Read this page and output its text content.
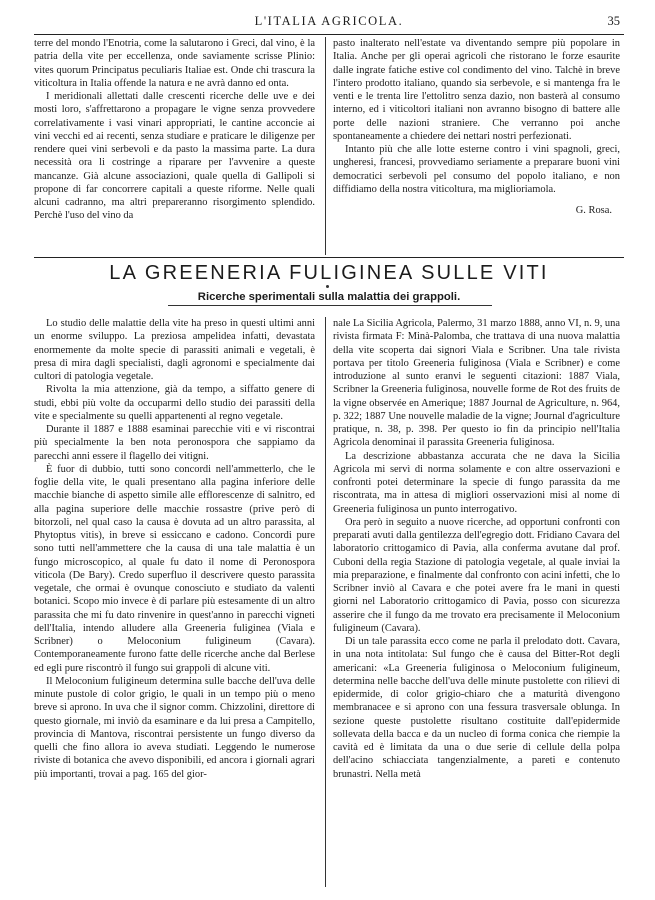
L'ITALIA AGRICOLA.	35

terre del mondo l'Enotria, come la salutarono i Greci, dal vino, è la patria della vite per eccellenza, onde saviamente scrisse Plinio: vites quorum Principatus peculiaris Italiae est. Onde chi trascura la viticoltura in Italia offende la natura e ne avrà danno ed onta.

I meridionali allettati dalle crescenti ricerche delle uve e dei mosti loro, s'affrettarono a propagare le vigne senza provvedere correlativamente i vasi vinari appropriati, le cantine acconcie ai vini vecchi ed ai recenti, senza studiare e praticare le diligenze per rendere quei vini serbevoli e da pasto la massima parte. La dura necessità ora li costringe a riparare per l'avvenire a queste mancanze. Già alcune associazioni, quale quella di Gallipoli si propone di far concorrere capitali a queste riforme. Nelle quali alcuni cadranno, ma altri prepareranno risorgimento splendido. Perchè l'uso del vino da

pasto inalterato nell'estate va diventando sempre più popolare in Italia. Anche per gli operai agricoli che ristorano le forze esaurite dalle ingrate fatiche estive col condimento del vino. Talchè in breve l'intero prodotto italiano, quando sia serbevole, e si mantenga fra le venti e le trenta lire l'ettolitro senza dazio, non basterà al consumo interno, ed i viticoltori italiani non avranno bisogno di battere alle porte delle nazioni straniere. Che verranno poi anche spontaneamente a chiedere dei nettari nostri perfezionati.

Intanto più che alle lotte esterne contro i vini spagnoli, greci, ungheresi, francesi, provvediamo seriamente a preparare buoni vini democratici serbevoli pel consumo del popolo italiano, e non diffidiamo della nostra viticoltura, ma miglioriamola.

G. Rosa.

LA GREENERIA FULIGINEA SULLE VITI
Ricerche sperimentali sulla malattia dei grappoli.

Lo studio delle malattie della vite ha preso in questi ultimi anni un enorme sviluppo. La preziosa ampelidea infatti, devastata enormemente da molte specie di parassiti animali e vegetali, è presa di mira dagli specialisti, dagli agronomi e specialmente dai cultori di patologia vegetale.

Rivolta la mia attenzione, già da tempo, a siffatto genere di studi, ebbi più volte da occuparmi dello studio dei parassiti della vite e specialmente su quelli appartenenti al regno vegetale.

Durante il 1887 e 1888 esaminai parecchie viti e vi riscontrai più specialmente la ben nota peronospora che sappiamo da parecchi anni essere il flagello dei vitigni.

È fuor di dubbio, tutti sono concordi nell'ammetterlo, che le foglie della vite, le quali presentano alla pagina inferiore delle macchie bianche di aspetto simile alle efflorescenze di salnitro, ed alla pagina superiore delle macchie rossastre (prive però di bitorzoli, nel qual caso la causa è dovuta ad un altro parassita, al Phytoptus vitis), in breve si essiccano e cadono. Concordi pure sono tutti nell'ammettere che la causa di una tale malattia è un fungo microscopico, al quale fu dato il nome di Peronospora viticola (De Bary). Credo superfluo il descrivere questo parassita vegetale, che ormai è ovunque conosciuto e studiato da valenti botanici. Scopo mio invece è di parlare più estesamente di un altro parassita che mi fu dato rinvenire in quest'anno in parecchi vigneti dell'Italia, intendo alludere alla Greeneria fuliginea (Viala e Scribner) o Meloconium fuligineum (Cavara). Contemporaneamente furono fatte delle ricerche anche dal Berlese ed egli pure riscontrò il fungo sui grappoli di alcune viti.

Il Meloconium fuligineum determina sulle bacche dell'uva delle minute pustole di color grigio, le quali in un tempo più o meno breve si aprono. In uva che il signor comm. Chizzolini, direttore di questo giornale, mi inviò da esaminare e da lui presa a Campitello, provincia di Mantova, riscontrai persistente un fungo diverso da quelli che fino allora io aveva studiati. Leggendo le numerose riviste di botanica che avevo disponibili, ed ancora i giornali agrari più importanti, trovai a pag. 165 del gior-

nale La Sicilia Agricola, Palermo, 31 marzo 1888, anno VI, n. 9, una rivista firmata F: Minà-Palomba, che trattava di una nuova malattia della vite scoperta dai signori Viala e Scribner. Una tale rivista portava per titolo Greeneria fuliginosa (Viala e Scribner) e come introduzione al sunto eranvi le seguenti citazioni: 1887 Viala, Scribner la Greeneria fuliginosa, nouvelle forme de Rot des fruits de la vigne observée en Amerique; 1887 Journal de Agriculture, n. 964, p. 322; 1887 Une nouvelle maladie de la vigne; Journal d'agriculture pratique, n. 38, p. 398. Per questo io fin da principio nell'Italia Agricola denominai il parassita Greeneria fuliginosa.

La descrizione abbastanza accurata che ne dava la Sicilia Agricola mi servì di norma solamente e con altre osservazioni e confronti potei determinare la specie di fungo parassita da me riscontrata, ma in attesa di migliori osservazioni misi al nome di Greeneria fuliginosa un punto interrogativo.

Ora però in seguito a nuove ricerche, ad opportuni confronti con preparati avuti dalla gentilezza dell'egregio dott. Fridiano Cavara del laboratorio crittogamico di Pavia, alla conferma avutane dal prof. Cuboni della regia Stazione di patologia vegetale, al quale inviai la mia preparazione, e finalmente dal confronto con acini infetti, che lo Scribner inviò al Cavara e che potei avere fra le mani in questi giorni nel Laboratorio crittogamico di Pavia, posso con sicurezza asserire che il fungo da me trovato era precisamente il Meloconium fuligineum (Cavara).

Di un tale parassita ecco come ne parla il prelodato dott. Cavara, in una nota intitolata: Sul fungo che è causa del Bitter-Rot degli americani: «La Greeneria fuliginosa o Meloconium fuligineum, determina nelle bacche dell'uva delle minute pustolette con rilievi di epidermide, di color grigio-chiaro che a maturità divengono membranacee e si aprono con una fessura trasversale oblunga. In sezione queste pustolette risultano costituite dall'epidermide sollevata della bacca e da un nucleo di forma conica che riempie la cavità ed è limitata da una o due serie di cellule della polpa dell'acino schiacciata tangenzialmente, a pareti e contenuto brunastri. Nella metà
